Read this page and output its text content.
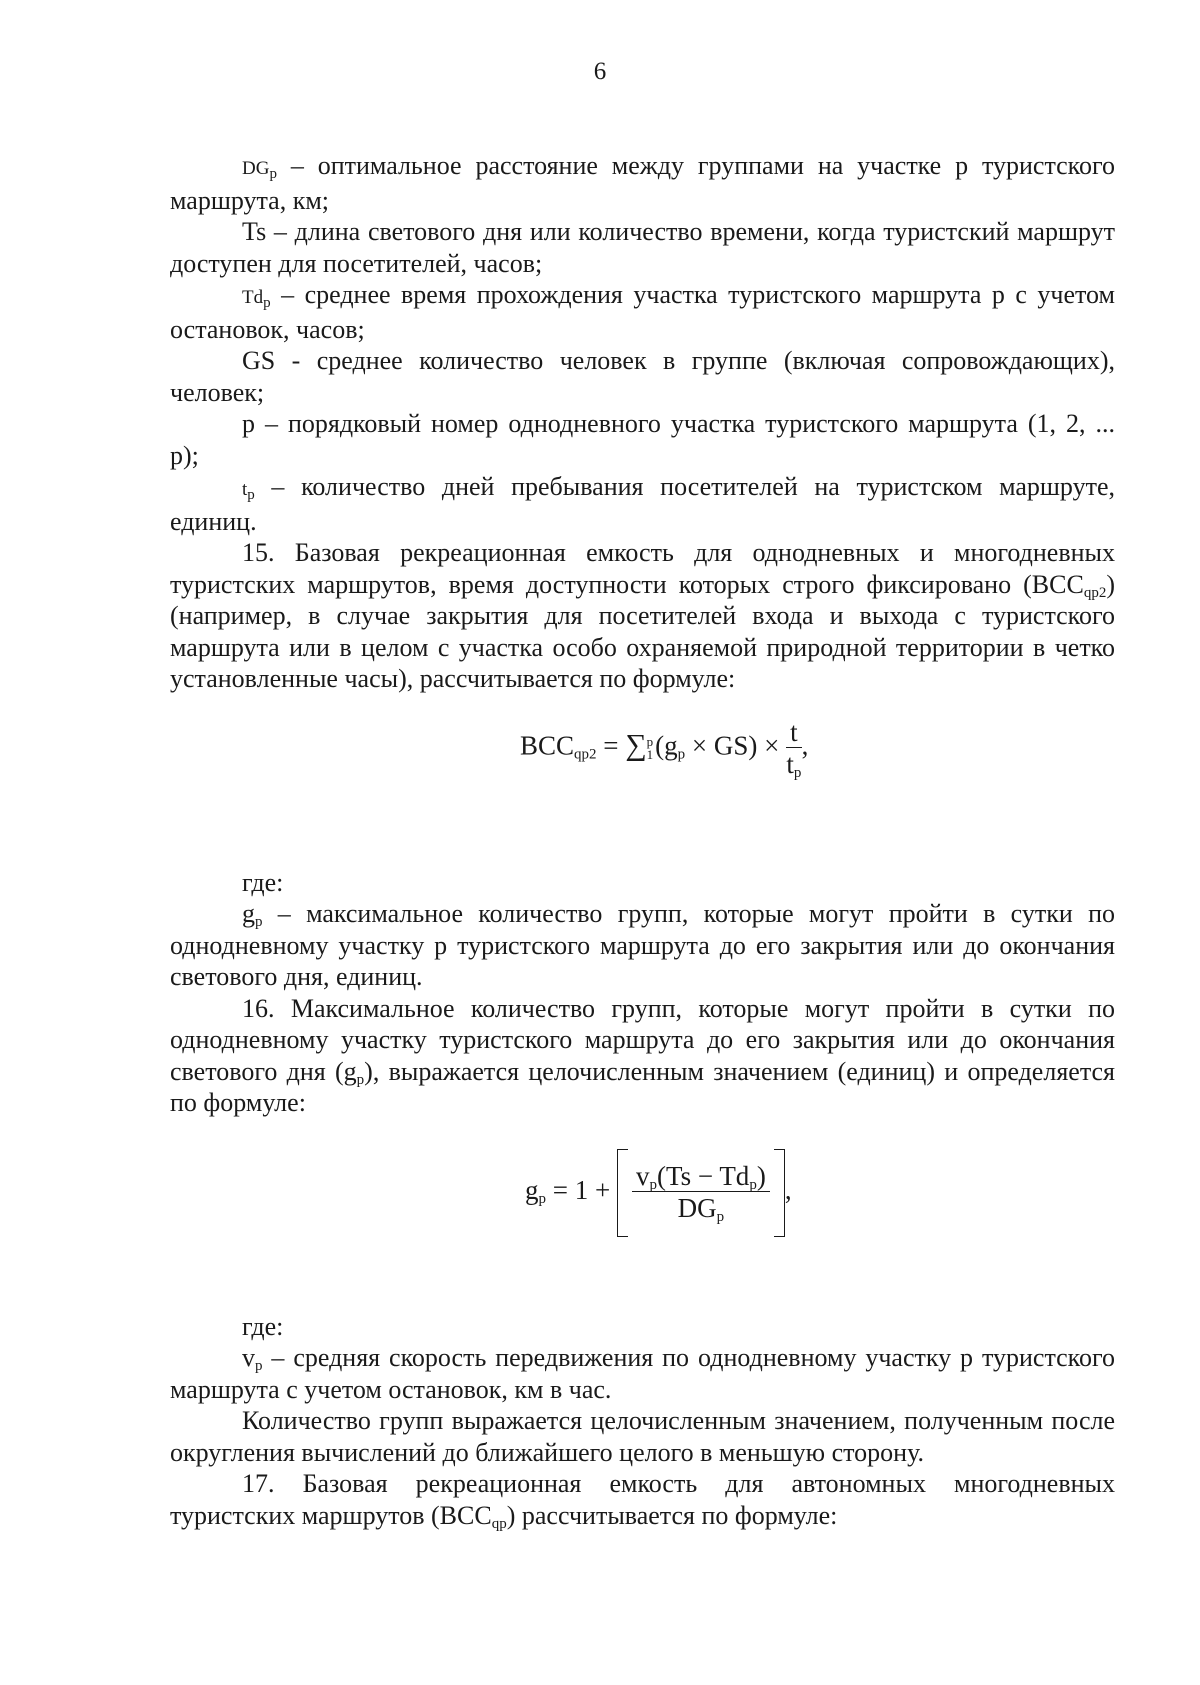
6

$DG_p$ – оптимальное расстояние между группами на участке р туристского маршрута, км;

Ts – длина светового дня или количество времени, когда туристский маршрут доступен для посетителей, часов;

$Td_p$ – среднее время прохождения участка туристского маршрута р с учетом остановок, часов;

GS - среднее количество человек в группе (включая сопровождающих), человек;

р – порядковый номер однодневного участка туристского маршрута (1, 2, ... р);

$t_p$ – количество дней пребывания посетителей на туристском маршруте, единиц.

15. Базовая рекреационная емкость для однодневных и многодневных туристских маршрутов, время доступности которых строго фиксировано $(BCC_{qp2})$ (например, в случае закрытия для посетителей входа и выхода с туристского маршрута или в целом с участка особо охраняемой природной территории в четко установленные часы), рассчитывается по формуле:

$BCC_{qp2} = \sum p$
$1(g_p \times GS) \times \frac{t}{t_p}$ ,

где:

$g_p$ – максимальное количество групп, которые могут пройти в сутки по однодневному участку р туристского маршрута до его закрытия или до окончания светового дня, единиц.

16. Максимальное количество групп, которые могут пройти в сутки по однодневному участку туристского маршрута до его закрытия или до окончания светового дня $(g_p)$, выражается целочисленным значением (единиц) и определяется по формуле:

$g_p = 1 + \frac{v_p(Ts - Td_p)}{DG_p}$ ,

где:

$v_p$ – средняя скорость передвижения по однодневному участку р туристского маршрута с учетом остановок, км в час.

Количество групп выражается целочисленным значением, полученным после округления вычислений до ближайшего целого в меньшую сторону.

17. Базовая рекреационная емкость для автономных многодневных туристских маршрутов $(BCC_{qp})$ рассчитывается по формуле:
